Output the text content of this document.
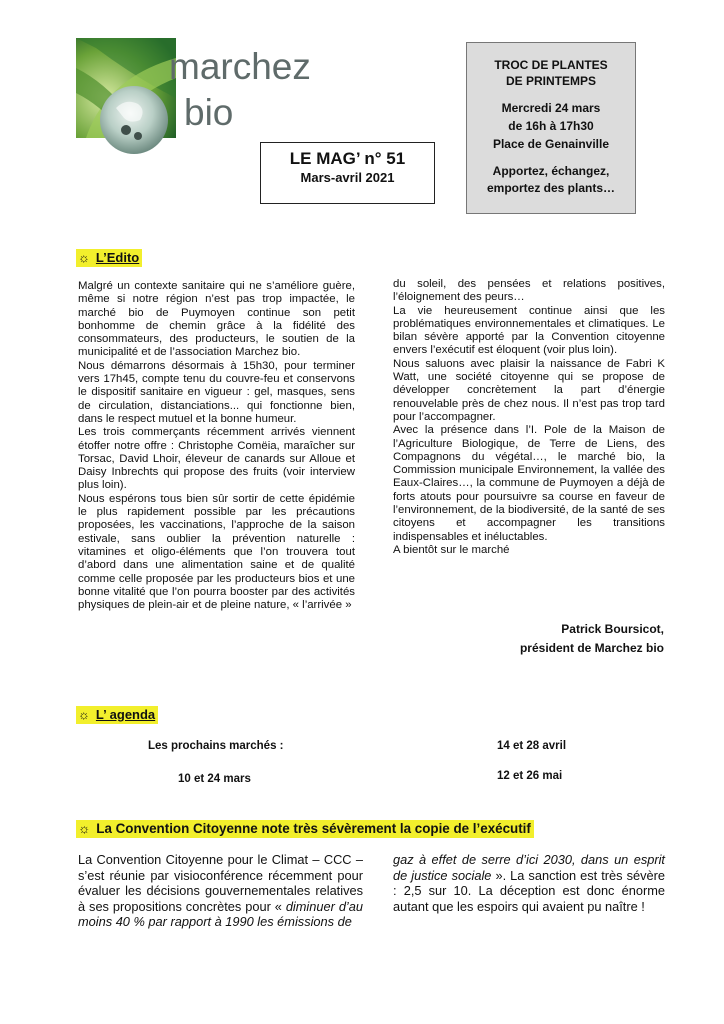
marchez
bio
LE MAG’ n° 51
Mars-avril 2021
TROC DE PLANTES
DE PRINTEMPS
Mercredi 24 mars
de 16h à 17h30
Place de Genainville
Apportez, échangez,
emportez des plants…
☼ L’Edito

Malgré un contexte sanitaire qui ne s’améliore guère, même si notre région n’est pas trop impactée, le marché bio de Puymoyen continue son petit bonhomme de chemin grâce à la fidélité des consommateurs, des producteurs, le soutien de la municipalité et de l’association Marchez bio.

Nous démarrons désormais à 15h30, pour terminer vers 17h45, compte tenu du couvre-feu et conservons le dispositif sanitaire en vigueur : gel, masques, sens de circulation, distanciations... qui fonctionne bien, dans le respect mutuel et la bonne humeur.

Les trois commerçants récemment arrivés viennent étoffer notre offre : Christophe Comëia, maraîcher sur Torsac, David Lhoir, éleveur de canards sur Alloue et Daisy Inbrechts qui propose des fruits (voir interview plus loin).

Nous espérons tous bien sûr sortir de cette épidémie le plus rapidement possible par les précautions proposées, les vaccinations, l’approche de la saison estivale, sans oublier la prévention naturelle : vitamines et oligo-éléments que l’on trouvera tout d’abord dans une alimentation saine et de qualité comme celle proposée par les producteurs bios et une bonne vitalité que l’on pourra booster par des activités physiques de plein-air et de pleine nature, « l’arrivée »

du soleil, des pensées et relations positives, l’éloignement des peurs…

La vie heureusement continue ainsi que les problématiques environnementales et climatiques. Le bilan sévère apporté par la Convention citoyenne envers l’exécutif est éloquent (voir plus loin).

Nous saluons avec plaisir la naissance de Fabri K Watt, une société citoyenne qui se propose de développer concrètement la part d’énergie renouvelable près de chez nous. Il n’est pas trop tard pour l’accompagner.

Avec la présence dans l’I. Pole de la Maison de l’Agriculture Biologique, de Terre de Liens, des Compagnons du végétal…, le marché bio, la Commission municipale Environnement, la vallée des Eaux-Claires…, la commune de Puymoyen a déjà de forts atouts pour poursuivre sa course en faveur de l’environnement, de la biodiversité, de la santé de ses citoyens et accompagner les transitions indispensables et inéluctables.

A bientôt sur le marché

Patrick Boursicot,
président de Marchez bio
☼ L’ agenda
Les prochains marchés :
10 et 24 mars
14 et 28 avril
12 et 26 mai
☼ La Convention Citoyenne note très sévèrement la copie de l’exécutif

La Convention Citoyenne pour le Climat – CCC – s’est réunie par visioconférence récemment pour évaluer les décisions gouvernementales relatives à ses propositions concrètes pour « diminuer d’au moins 40 % par rapport à 1990 les émissions de

gaz à effet de serre d’ici 2030, dans un esprit de justice sociale ». La sanction est très sévère : 2,5 sur 10. La déception est donc énorme autant que les espoirs qui avaient pu naître !
